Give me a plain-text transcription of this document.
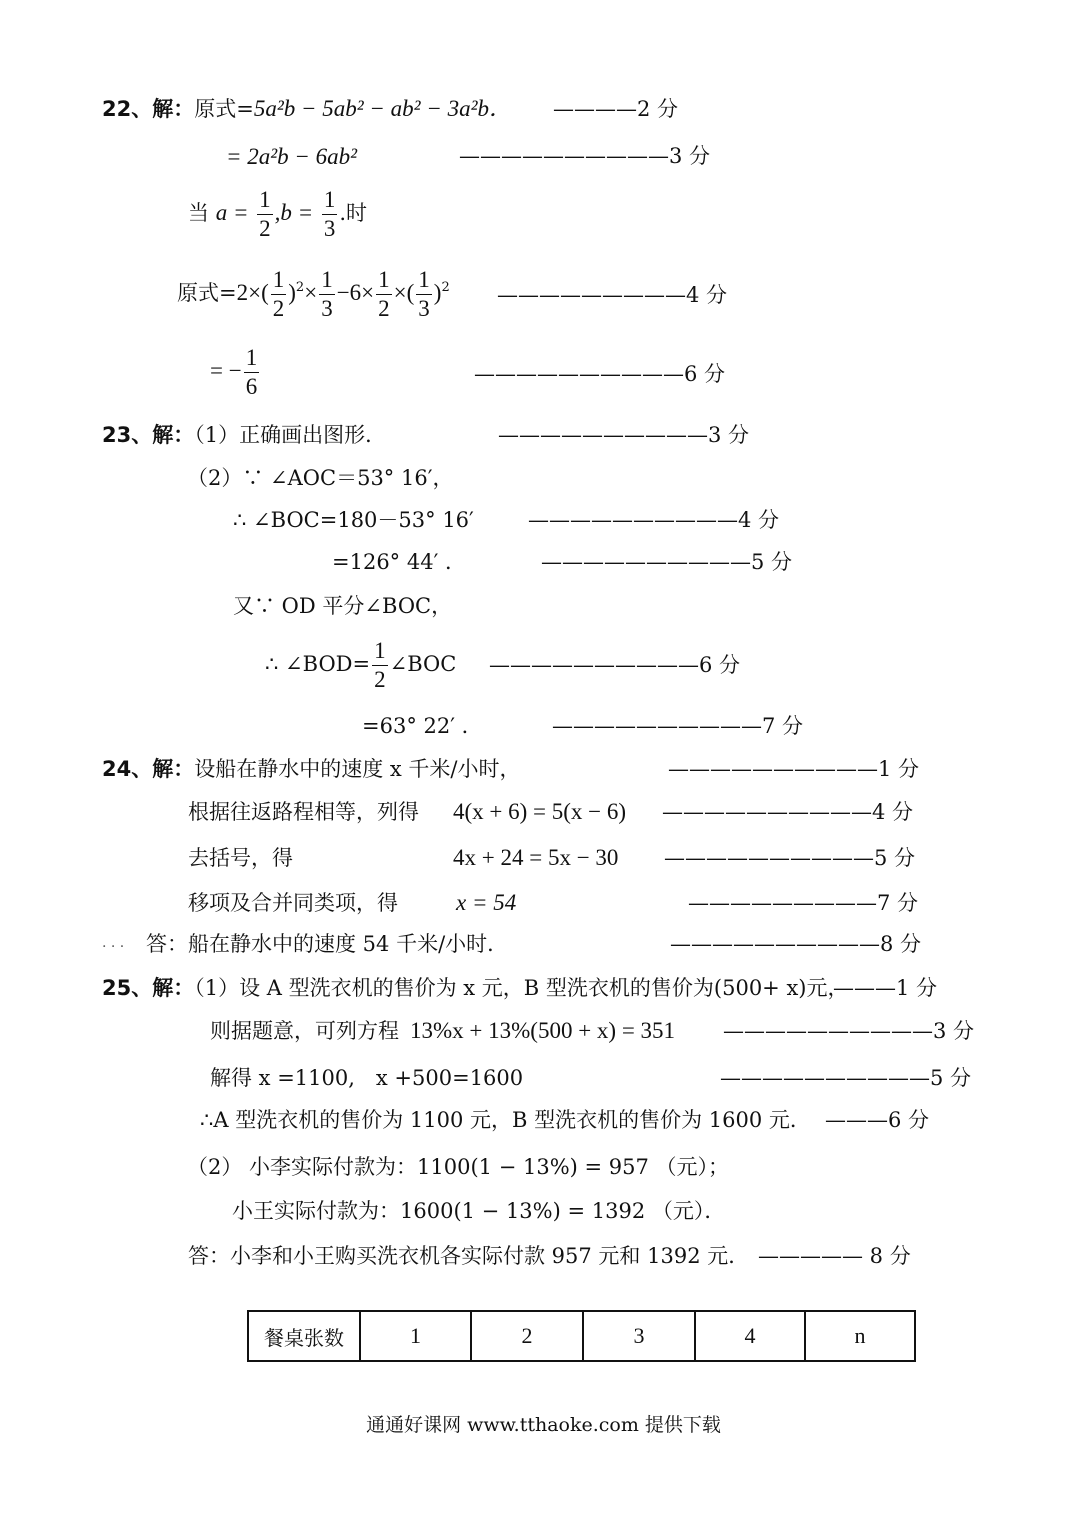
22、解：原式=5a²b − 5ab² − ab² − 3a²b． ————2 分
= 2a²b − 6ab²	——————————3 分
当 $a = \frac{1}{2} ,b = \frac{1}{3}$ .时
原式$=2\times( \frac{1}{2} )^2\times \frac{1}{3} -6\times \frac{1}{2}$ ×( $\frac{1}{3} )^2$ —————————4 分
= − $\frac{1}{6}$	——————————6 分
23、解：（1）正确画出图形．	——————————3 分
（2）∵ ∠AOC＝53° 16′，
∴ ∠BOC=180－53° 16′	——————————4 分
=126° 44′ ．	——————————5 分
又∵ OD 平分∠BOC，
∴ ∠BOD= $\frac{1}{2}$ ∠BOC ——————————6 分
=63° 22′ ．	——————————7 分
24、解：设船在静水中的速度 x 千米/小时，	——————————1 分
根据往返路程相等，列得 4(x + 6) = 5(x − 6) ——————————4 分
去括号，得	4x + 24 = 5x − 30 ——————————5 分
移项及合并同类项，得	x = 54	—————————7 分
. . . 答：船在静水中的速度 54 千米/小时．	——————————8 分
25、解：（1）设 A 型洗衣机的售价为 x 元，B 型洗衣机的售价为(500+ x)元，
———1 分
则据题意，可列方程 13%x + 13%(500 + x) = 351 ——————————3 分
解得 x =1100,　x +500=1600	——————————5 分
∴A 型洗衣机的售价为 1100 元，B 型洗衣机的售价为 1600 元． ———6 分
（2） 小李实际付款为：1100(1 − 13%) = 957 （元）；
小王实际付款为：1600(1 − 13%) = 1392 （元）．
答：小李和小王购买洗衣机各实际付款 957 元和 1392 元． ————— 8 分
餐桌张数	1	2	3	4	n
通通好课网 www.tthaoke.com 提供下载
